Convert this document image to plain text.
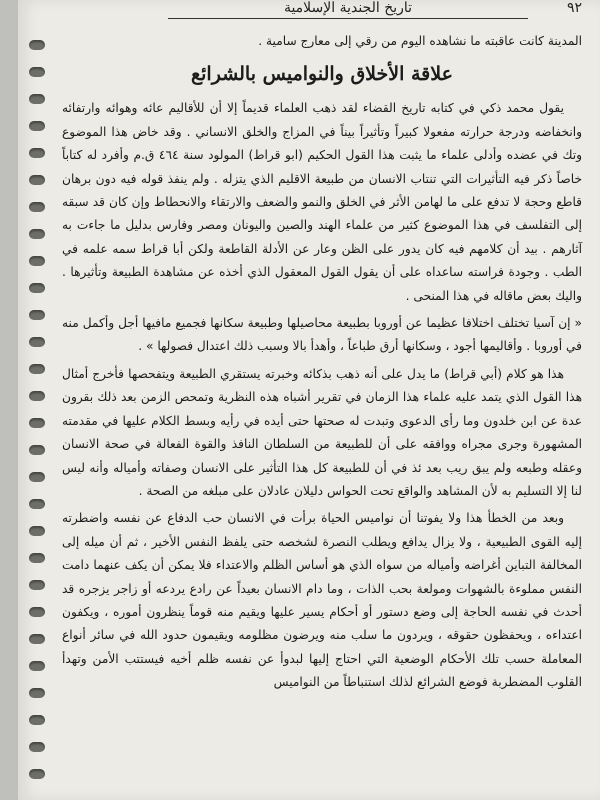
تاريخ الجندية الإسلامية	٩٢

المدينة كانت عاقبته ما نشاهده اليوم من رقي إلى معارج سامية .

علاقة الأخلاق والنواميس بالشرائع

يقول محمد ذكي في كتابه تاريخ القضاء لقد ذهب العلماء قديماً إلا أن للأقاليم عائه وهوائه وارتفائه وانخفاضه ودرجة حرارته مفعولا كبيراً وتأثيراً بيناً في المزاج والخلق الانساني . وقد خاض هذا الموضوع وتك في عضده وأدلى علماء ما يثبت هذا القول الحكيم (ابو قراط) المولود سنة ٤٦٤ ق.م وأفرد له كتاباً خاصاً ذكر فيه التأثيرات التي تنتاب الانسان من طبيعة الاقليم الذي يتزله . ولم ينفذ قوله فيه دون برهان قاطع وحجة لا تدفع على ما لهامن الأثر في الخلق والنمو والضعف والارتقاء والانحطاط وإن كان قد سبقه إلى التفلسف في هذا الموضوع كثير من علماء الهند والصين واليونان ومصر وفارس بدليل ما جاءت به آثارهم . بيد أن كلامهم فيه كان يدور على الظن وعار عن الأدلة القاطعة ولكن أبا قراط سمه علمه في الطب . وجودة فراسته ساعداه على أن يقول القول المعقول الذي أخذه عن مشاهدة الطبيعة وتأثيرها . واليك بعض ماقاله في هذا المنحى .

« إن آسيا تختلف اختلافا عظيما عن أوروبا بطبيعة محاصيلها وطبيعة سكانها فجميع مافيها أجل وأكمل منه في أوروبا . وأقاليمها أجود ، وسكانها أرق طباعاً ، وأهدأ بالا وسبب ذلك اعتدال فصولها » .

هذا هو كلام (أبي قراط) ما يدل على أنه ذهب بذكائه وخبرته يستقري الطبيعة ويتفحصها فأخرج أمثال هذا القول الذي يتمد عليه علماء هذا الزمان في تقرير أشباه هذه النظرية وتمحص الزمن بعد ذلك بقرون عدة عن ابن خلدون وما رأى الدعوى وتبدت له صحتها حتى أيده في رأيه وبسط الكلام عليها في مقدمته المشهورة وجرى مجراه ووافقه على أن للطبيعة من السلطان النافذ والقوة الفعالة في صحة الانسان وعقله وطبعه ولم يبق ريب بعد ئذ في أن للطبيعة كل هذا التأثير على الانسان وصفاته وأمياله وأنه ليس لنا إلا التسليم به لأن المشاهد والواقع تحت الحواس دليلان عادلان على مبلغه من الصحة .

وبعد من الخطأ هذا ولا يفوتنا أن نواميس الحياة برأت في الانسان حب الدفاع عن نفسه واضطرته إليه القوى الطبيعية ، ولا يزال يدافع ويطلب النصرة لشخصه حتى يلفظ النفس الأخير ، ثم أن ميله إلى المخالفة التباين أغراضه وأمياله من سواه الذي هو أساس الظلم والاعتداء فلا يمكن أن يكف عنهما دامت النفس مملوءة بالشهوات ومولعة بحب الذات ، وما دام الانسان بعيداً عن رادع يردعه أو زاجر يزجره قد أحدث في نفسه الحاجة إلى وضع دستور أو أحكام يسير عليها ويقيم منه قوماً ينظرون أموره ، ويكفون اعتداءه ، ويحفظون حقوقه ، ويردون ما سلب منه ويرضون مظلومه ويقيمون حدود الله في سائر أنواع المعاملة حسب تلك الأحكام الوضعية التي احتاج إليها لبدوأ عن نفسه ظلم أخيه فيستتب الأمن وتهدأ القلوب المضطربة فوضع الشرائع لذلك استنباطاً من النواميس
